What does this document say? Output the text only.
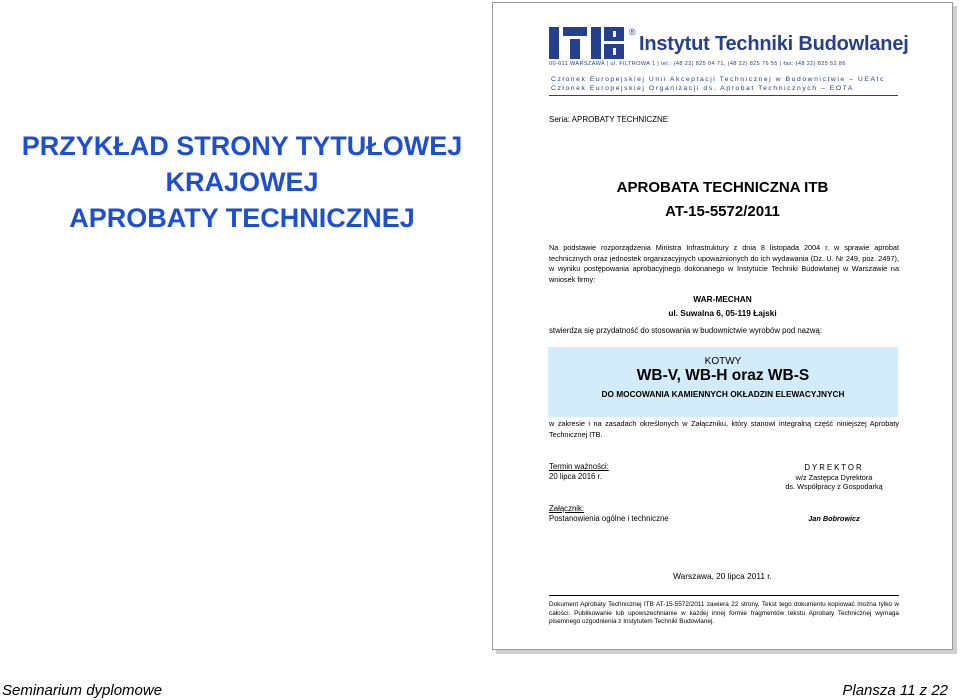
PRZYKŁAD STRONY TYTUŁOWEJ
KRAJOWEJ
APROBATY TECHNICZNEJ
®
Instytut Techniki Budowlanej
00-611 WARSZAWA | ul. FILTROWA 1 | tel.: (48 22) 825 04 71, (48 22) 825 76 55 | fax: (48 22) 825 52 86
Członek Europejskiej Unii Akceptacji Technicznej w Budownictwie – UEAtc
Członek Europejskiej Organizacji ds. Aprobat Technicznych – EOTA
Seria: APROBATY TECHNICZNE
APROBATA TECHNICZNA ITB
AT-15-5572/2011
Na podstawie rozporządzenia Ministra Infrastruktury z dnia 8 listopada 2004 r. w sprawie aprobat technicznych oraz jednostek organizacyjnych upoważnionych do ich wydawania (Dz. U. Nr 249, poz. 2497), w wyniku postępowania aprobacyjnego dokonanego w Instytucie Techniki Budowlanej w Warszawie na wniosek firmy:
WAR-MECHAN
ul. Suwalna 6, 05-119 Łajski
stwierdza się przydatność do stosowania w budownictwie wyrobów pod nazwą:
KOTWY
WB-V, WB-H oraz WB-S
DO MOCOWANIA KAMIENNYCH OKŁADZIN ELEWACYJNYCH
w zakresie i na zasadach określonych w Załączniku, który stanowi integralną część niniejszej Aprobaty Technicznej ITB.
Termin ważności:
20 lipca 2016 r.
DYREKTOR
w/z Zastępca Dyrektora
ds. Współpracy z Gospodarką
Załącznik:
Postanowienia ogólne i techniczne	Jan Bobrowicz
Warszawa, 20 lipca 2011 r.
Dokument Aprobaty Technicznej ITB AT-15-5572/2011 zawiera 22 strony. Tekst tego dokumentu kopiować można tylko w całości. Publikowanie lub upowszechnianie w każdej innej formie fragmentów tekstu Aprobaty Technicznej wymaga pisemnego uzgodnienia z Instytutem Techniki Budowlanej.
Seminarium dyplomowe	Plansza 11 z 22
